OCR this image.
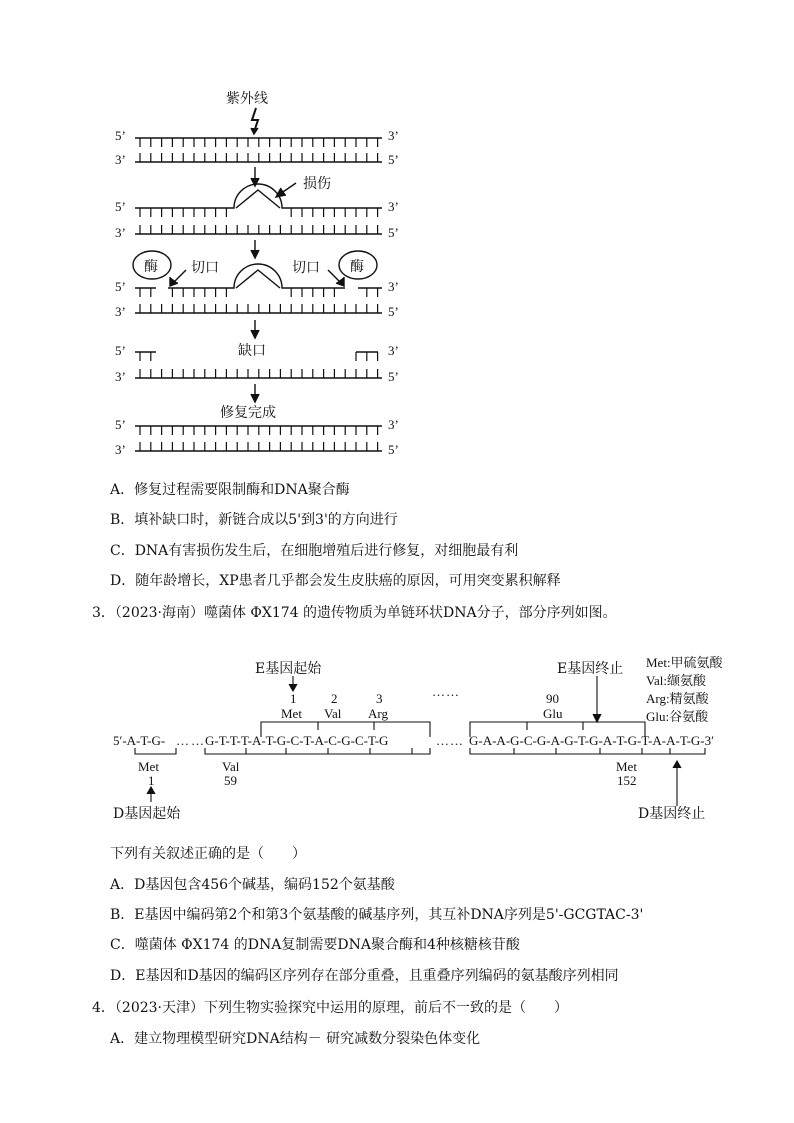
紫外线
损伤
酶	酶
切口	切口
缺口
修复完成
5’
3’
3’
5’
5’
3’
3’
5’
5’
3’
3’
5’
5’
3’
3’
5’
5’
3’
3’
5’
A．修复过程需要限制酶和DNA聚合酶
B．填补缺口时，新链合成以5'到3'的方向进行
C．DNA有害损伤发生后，在细胞增殖后进行修复，对细胞最有利
D．随年龄增长，XP患者几乎都会发生皮肤癌的原因，可用突变累积解释
3．（2023·海南）噬菌体 ΦX174 的遗传物质为单链环状DNA分子，部分序列如图。
E基因起始	E基因终止 Met:甲硫氨酸
Val:缬氨酸
Arg:精氨酸
Glu:谷氨酸
1
Met
2
Val
3
Arg
90
Glu
……
5′-A-T-G- …… G-T-T-T-A-T-G-C-T-A-C-G-C-T-G	…… G-A-A-G-C-G-A-G-T-G-A-T-G-T-A-A-T-G-3′
Met
1
Val
59
Met
152
D基因起始	D基因终止
下列有关叙述正确的是（　　）
A．D基因包含456个碱基，编码152个氨基酸
B．E基因中编码第2个和第3个氨基酸的碱基序列，其互补DNA序列是5'-GCGTAC-3'
C．噬菌体 ΦX174 的DNA复制需要DNA聚合酶和4种核糖核苷酸
D．E基因和D基因的编码区序列存在部分重叠，且重叠序列编码的氨基酸序列相同
4．（2023·天津）下列生物实验探究中运用的原理，前后不一致的是（　　）
A．建立物理模型研究DNA结构－ 研究减数分裂染色体变化
